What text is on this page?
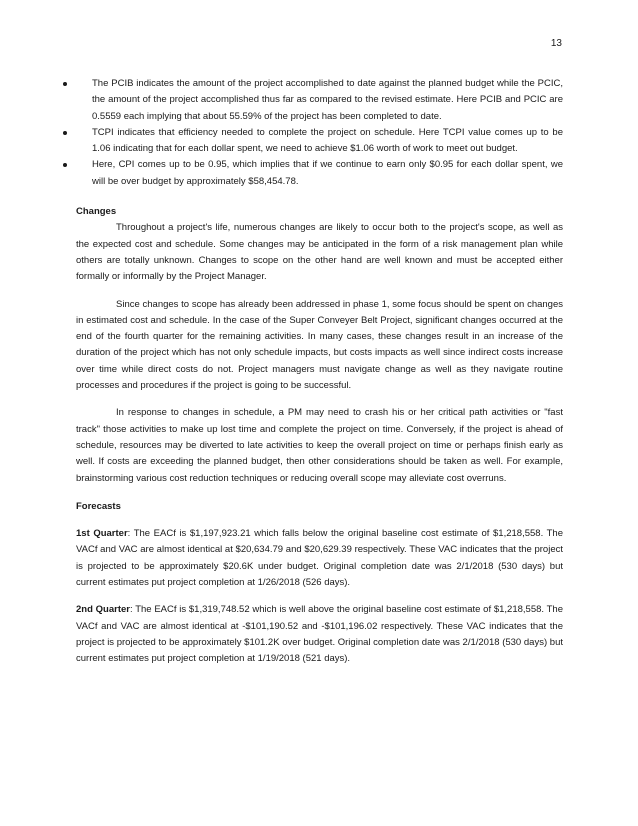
13
The PCIB indicates the amount of the project accomplished to date against the planned budget while the PCIC, the amount of the project accomplished thus far as compared to the revised estimate. Here PCIB and PCIC are 0.5559 each implying that about 55.59% of the project has been completed to date.
TCPI indicates that efficiency needed to complete the project on schedule. Here TCPI value comes up to be 1.06 indicating that for each dollar spent, we need to achieve $1.06 worth of work to meet out budget.
Here, CPI comes up to be 0.95, which implies that if we continue to earn only $0.95 for each dollar spent, we will be over budget by approximately $58,454.78.
Changes

Throughout a project's life, numerous changes are likely to occur both to the project's scope, as well as the expected cost and schedule. Some changes may be anticipated in the form of a risk management plan while others are totally unknown. Changes to scope on the other hand are well known and must be accepted either formally or informally by the Project Manager.

Since changes to scope has already been addressed in phase 1, some focus should be spent on changes in estimated cost and schedule. In the case of the Super Conveyer Belt Project, significant changes occurred at the end of the fourth quarter for the remaining activities. In many cases, these changes result in an increase of the duration of the project which has not only schedule impacts, but costs impacts as well since indirect costs increase over time while direct costs do not. Project managers must navigate change as well as they navigate routine processes and procedures if the project is going to be successful.

In response to changes in schedule, a PM may need to crash his or her critical path activities or "fast track" those activities to make up lost time and complete the project on time. Conversely, if the project is ahead of schedule, resources may be diverted to late activities to keep the overall project on time or perhaps finish early as well. If costs are exceeding the planned budget, then other considerations should be taken as well. For example, brainstorming various cost reduction techniques or reducing overall scope may alleviate cost overruns.

Forecasts

1st Quarter: The EACf is $1,197,923.21 which falls below the original baseline cost estimate of $1,218,558. The VACf and VAC are almost identical at $20,634.79 and $20,629.39 respectively. These VAC indicates that the project is projected to be approximately $20.6K under budget. Original completion date was 2/1/2018 (530 days) but current estimates put project completion at 1/26/2018 (526 days).

2nd Quarter: The EACf is $1,319,748.52 which is well above the original baseline cost estimate of $1,218,558. The VACf and VAC are almost identical at -$101,190.52 and -$101,196.02 respectively. These VAC indicates that the project is projected to be approximately $101.2K over budget. Original completion date was 2/1/2018 (530 days) but current estimates put project completion at 1/19/2018 (521 days).
